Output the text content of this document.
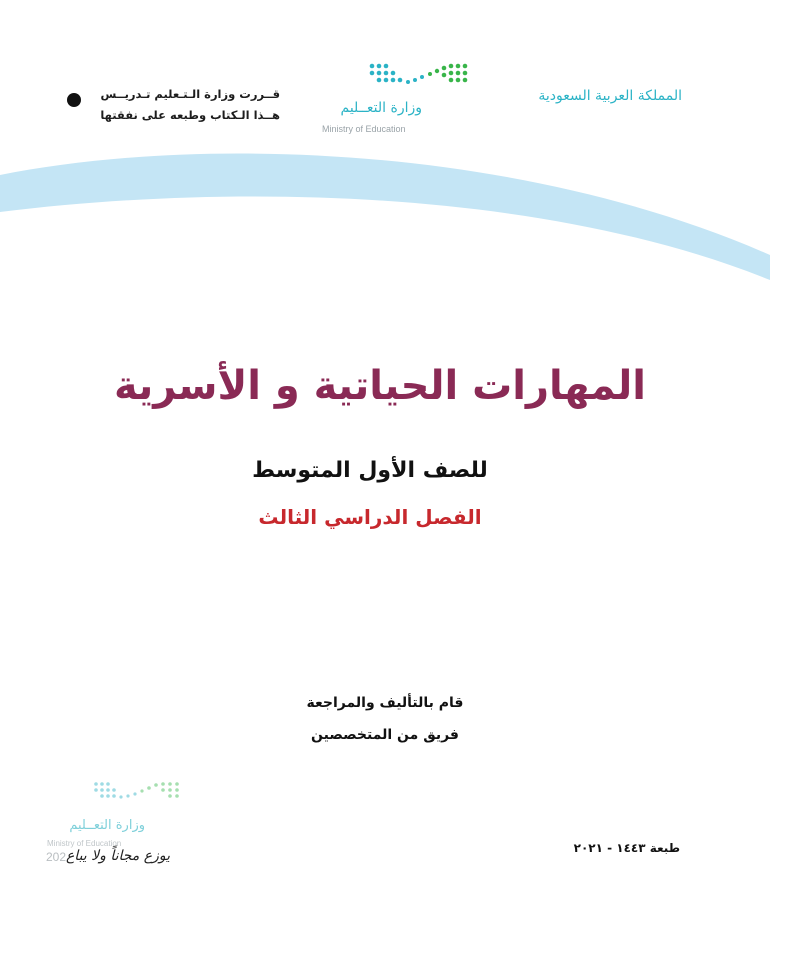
المملكة العربية السعودية
وزارة التعــليم
Ministry of Education
قــررت وزارة الـتـعليم تـدريــس
هــذا الـكتاب وطبعه على نفقتها
المهارات الحياتية و الأسرية
للصف الأول المتوسط
الفصل الدراسي الثالث
قام بالتأليف والمراجعة
فريق من المتخصصين
وزارة التعــليم
Ministry of Education
202 يوزع مجاناً ولا يباع	طبعة ١٤٤٣ - ٢٠٢١
